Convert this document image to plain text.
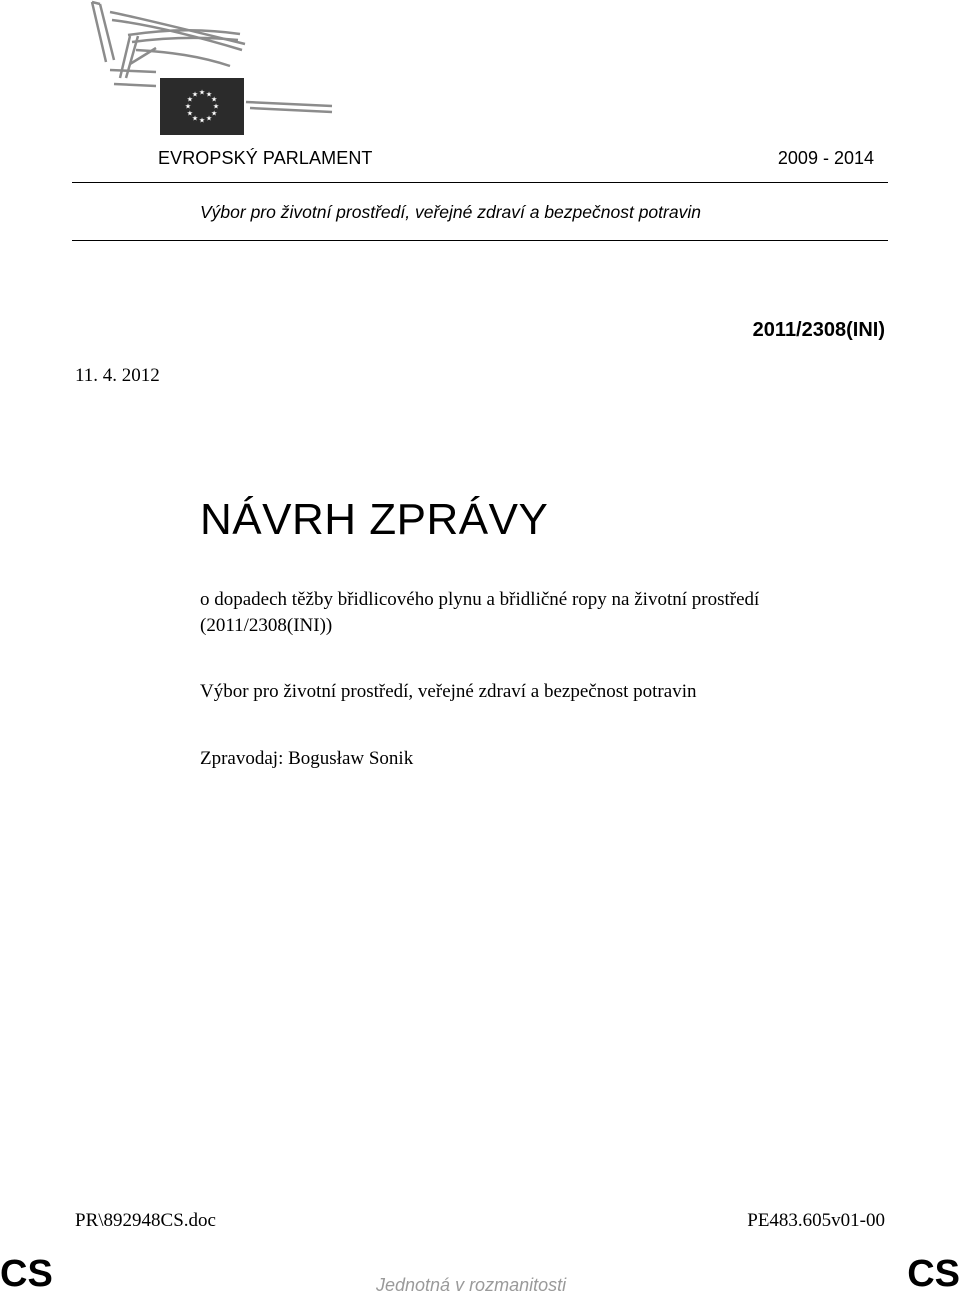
★ ★
★
★
★
★
★
★
★
★
★
★
EVROPSKÝ PARLAMENT	2009 - 2014
Výbor pro životní prostředí, veřejné zdraví a bezpečnost potravin
2011/2308(INI)
11. 4. 2012
NÁVRH ZPRÁVY
o dopadech těžby břidlicového plynu a břidličné ropy na životní prostředí
(2011/2308(INI))
Výbor pro životní prostředí, veřejné zdraví a bezpečnost potravin
Zpravodaj: Bogusław Sonik
PR\892948CS.doc	PE483.605v01-00
CS	Jednotná v rozmanitosti	CS
